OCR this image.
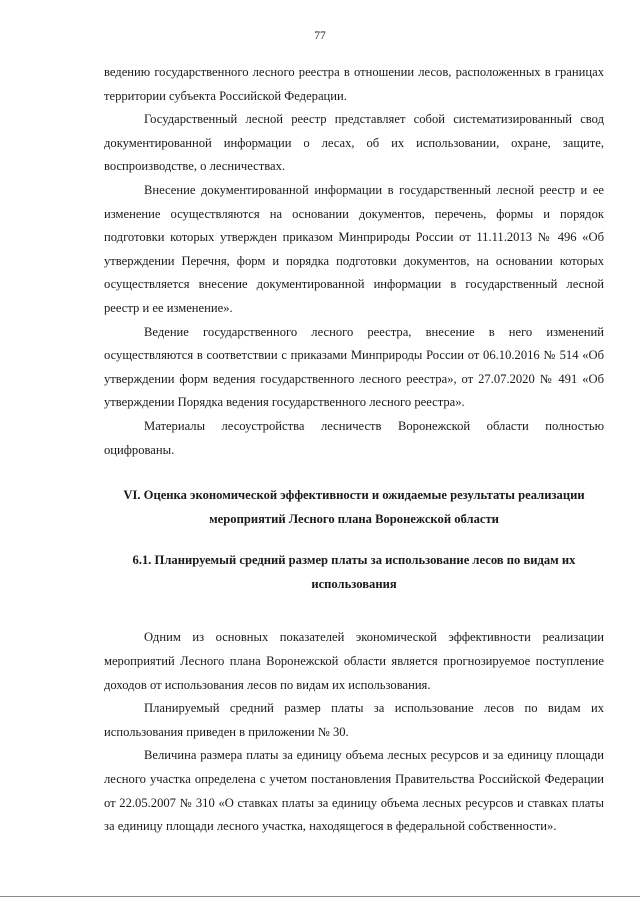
77

ведению государственного лесного реестра в отношении лесов, расположенных в границах территории субъекта Российской Федерации.

Государственный лесной реестр представляет собой систематизированный свод документированной информации о лесах, об их использовании, охране, защите, воспроизводстве, о лесничествах.

Внесение документированной информации в государственный лесной реестр и ее изменение осуществляются на основании документов, перечень, формы и порядок подготовки которых утвержден приказом Минприроды России от 11.11.2013 № 496 «Об утверждении Перечня, форм и порядка подготовки документов, на основании которых осуществляется внесение документированной информации в государственный лесной реестр и ее изменение».

Ведение государственного лесного реестра, внесение в него изменений осуществляются в соответствии с приказами Минприроды России от 06.10.2016 № 514 «Об утверждении форм ведения государственного лесного реестра», от 27.07.2020 № 491 «Об утверждении Порядка ведения государственного лесного реестра».

Материалы лесоустройства лесничеств Воронежской области полностью оцифрованы.

VI. Оценка экономической эффективности и ожидаемые результаты реализации
мероприятий Лесного плана Воронежской области
6.1. Планируемый средний размер платы за использование лесов по видам их
использования

Одним из основных показателей экономической эффективности реализации мероприятий Лесного плана Воронежской области является прогнозируемое поступление доходов от использования лесов по видам их использования.

Планируемый средний размер платы за использование лесов по видам их использования приведен в приложении № 30.

Величина размера платы за единицу объема лесных ресурсов и за единицу площади лесного участка определена с учетом постановления Правительства Российской Федерации от 22.05.2007 № 310 «О ставках платы за единицу объема лесных ресурсов и ставках платы за единицу площади лесного участка, находящегося в федеральной собственности».
